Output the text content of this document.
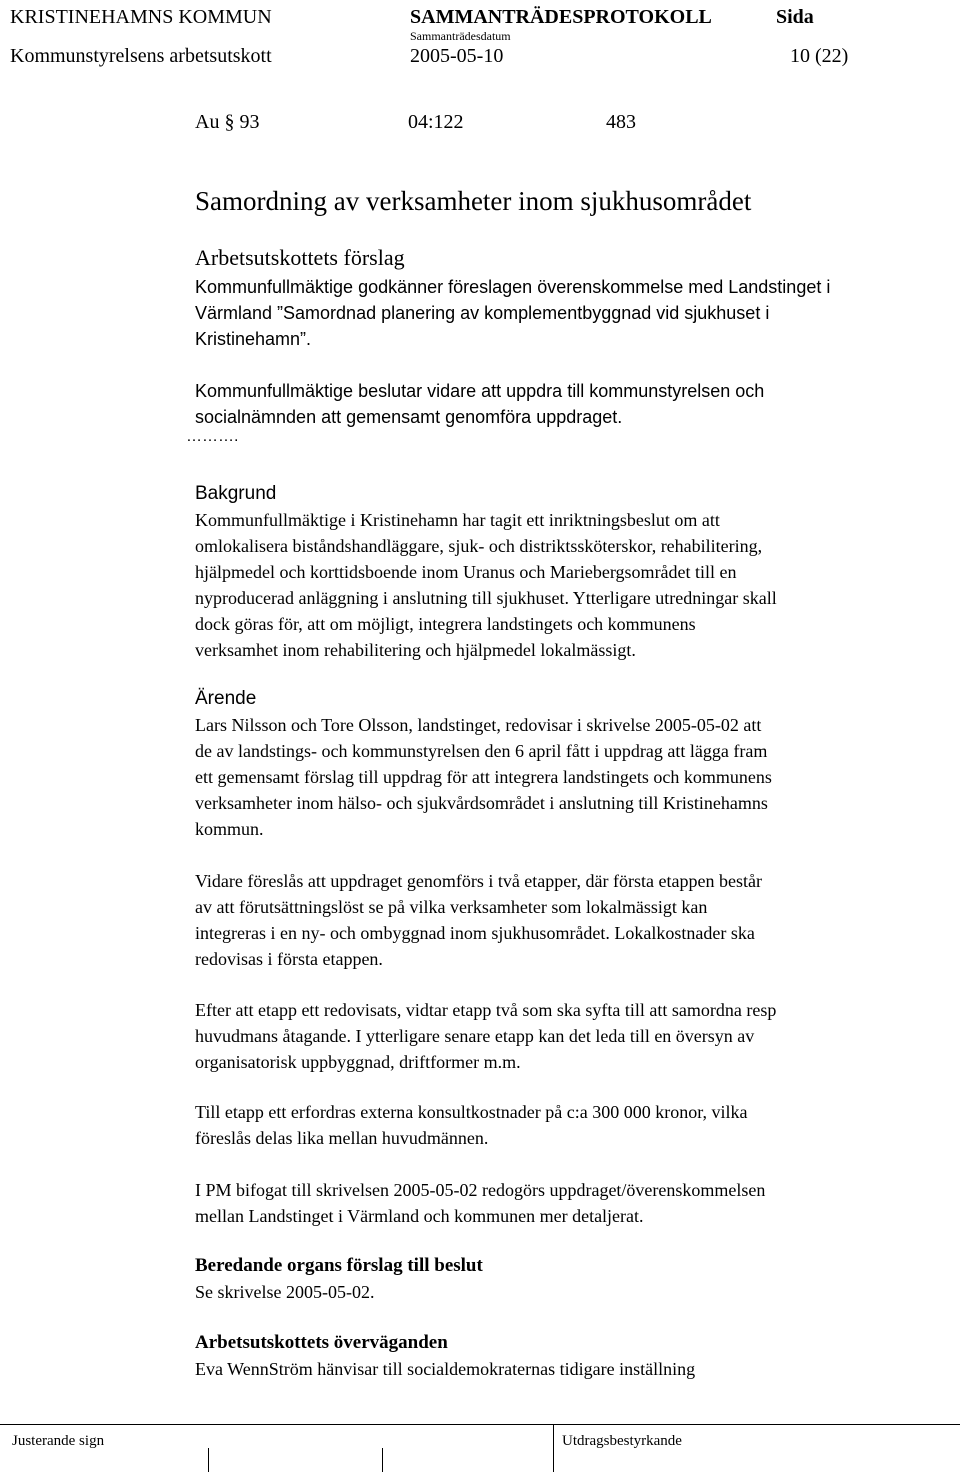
KRISTINEHAMNS KOMMUN	SAMMANTRÄDESPROTOKOLL	Sida
Sammanträdesdatum
Kommunstyrelsens arbetsutskott	2005-05-10	10 (22)
Au § 93	04:122	483
Samordning av verksamheter inom sjukhusområdet
Arbetsutskottets förslag
Kommunfullmäktige godkänner föreslagen överenskommelse med Landstinget i
Värmland ”Samordnad planering av komplementbyggnad vid sjukhuset i
Kristinehamn”.
Kommunfullmäktige beslutar vidare att uppdra till kommunstyrelsen och
socialnämnden att gemensamt genomföra uppdraget.
……….
Bakgrund
Kommunfullmäktige i Kristinehamn har tagit ett inriktningsbeslut om att
omlokalisera biståndshandläggare, sjuk- och distriktssköterskor, rehabilitering,
hjälpmedel och korttidsboende inom Uranus och Mariebergsområdet till en
nyproducerad anläggning i anslutning till sjukhuset. Ytterligare utredningar skall
dock göras för, att om möjligt, integrera landstingets och kommunens
verksamhet inom rehabilitering och hjälpmedel lokalmässigt.
Ärende
Lars Nilsson och Tore Olsson, landstinget, redovisar i skrivelse 2005-05-02 att
de av landstings- och kommunstyrelsen den 6 april fått i uppdrag att lägga fram
ett gemensamt förslag till uppdrag för att integrera landstingets och kommunens
verksamheter inom hälso- och sjukvårdsområdet i anslutning till Kristinehamns
kommun.
Vidare föreslås att uppdraget genomförs i två etapper, där första etappen består
av att förutsättningslöst se på vilka verksamheter som lokalmässigt kan
integreras i en ny- och ombyggnad inom sjukhusområdet. Lokalkostnader ska
redovisas i första etappen.
Efter att etapp ett redovisats, vidtar etapp två som ska syfta till att samordna resp
huvudmans åtagande. I ytterligare senare etapp kan det leda till en översyn av
organisatorisk uppbyggnad, driftformer m.m.
Till etapp ett erfordras externa konsultkostnader på c:a 300 000 kronor, vilka
föreslås delas lika mellan huvudmännen.
I PM bifogat till skrivelsen 2005-05-02 redogörs uppdraget/överenskommelsen
mellan Landstinget i Värmland och kommunen mer detaljerat.
Beredande organs förslag till beslut
Se skrivelse 2005-05-02.
Arbetsutskottets överväganden
Eva WennStröm hänvisar till socialdemokraternas tidigare inställning
Justerande sign	Utdragsbestyrkande
